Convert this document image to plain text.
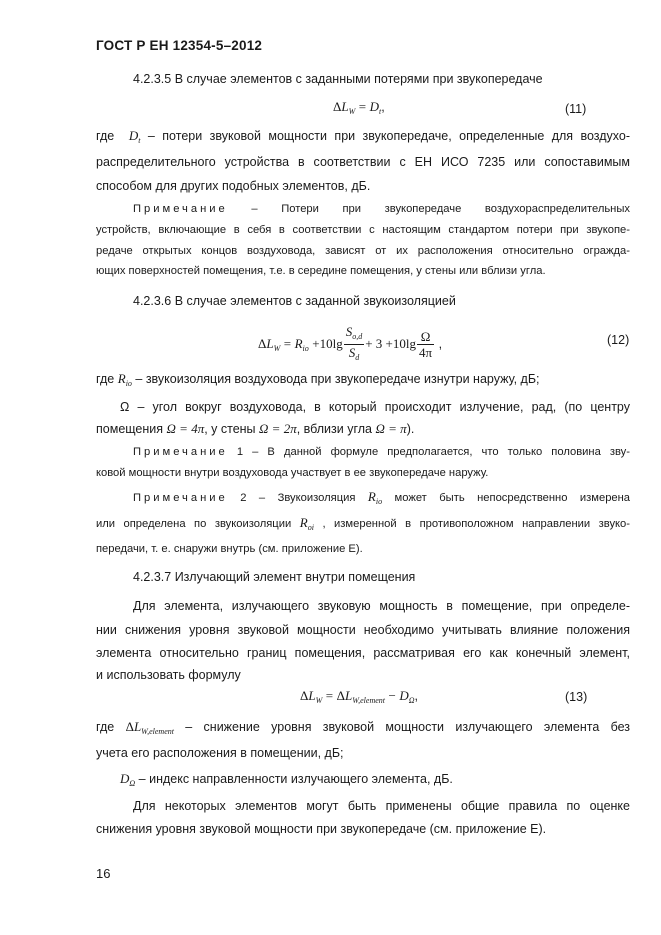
ГОСТ Р ЕН 12354-5–2012
4.2.3.5 В случае элементов с заданными потерями при звукопередаче
$\Delta L_W = D_t$,	(11)
где $D_t$ – потери звуковой мощности при звукопередаче, определенные для воздухо-
распределительного устройства в соответствии с ЕН ИСО 7235 или сопоставимым
способом для других подобных элементов, дБ.
Примечание – Потери при звукопередаче воздухораспределительных
устройств, включающие в себя в соответствии с настоящим стандартом потери при звукопе-
редаче открытых концов воздуховода, зависят от их расположения относительно огражда-
ющих поверхностей помещения, т.е. в середине помещения, у стены или вблизи угла.
4.2.3.6 В случае элементов с заданной звукоизоляцией
$\Delta L_W = R_{io} +10\lg \frac{S_{o,d}}{S_d} + 3 +10\lg \frac{\Omega}{4\pi}$ ,	(12)
где $R_{io}$ – звукоизоляция воздуховода при звукопередаче изнутри наружу, дБ;
Ω – угол вокруг воздуховода, в который происходит излучение, рад, (по центру
помещения Ω = 4π, у стены Ω = 2π, вблизи угла Ω = π).
Примечание 1 – В данной формуле предполагается, что только половина зву-
ковой мощности внутри воздуховода участвует в ее звукопередаче наружу.
Примечание 2 – Звукоизоляция $R_{io}$ может быть непосредственно измерена
или определена по звукоизоляции $R_{oi}$ , измеренной в противоположном направлении звуко-
передачи, т. е. снаружи внутрь (см. приложение Е).
4.2.3.7 Излучающий элемент внутри помещения
Для элемента, излучающего звуковую мощность в помещение, при определе-
нии снижения уровня звуковой мощности необходимо учитывать влияние положения
элемента относительно границ помещения, рассматривая его как конечный элемент,
и использовать формулу
$\Delta L_W = \Delta L_{W,element} - D_\Omega$,	(13)
где $\Delta L_{W,element}$ – снижение уровня звуковой мощности излучающего элемента без
учета его расположения в помещении, дБ;
$D_\Omega$ – индекс направленности излучающего элемента, дБ.
Для некоторых элементов могут быть применены общие правила по оценке
снижения уровня звуковой мощности при звукопередаче (см. приложение Е).
16
